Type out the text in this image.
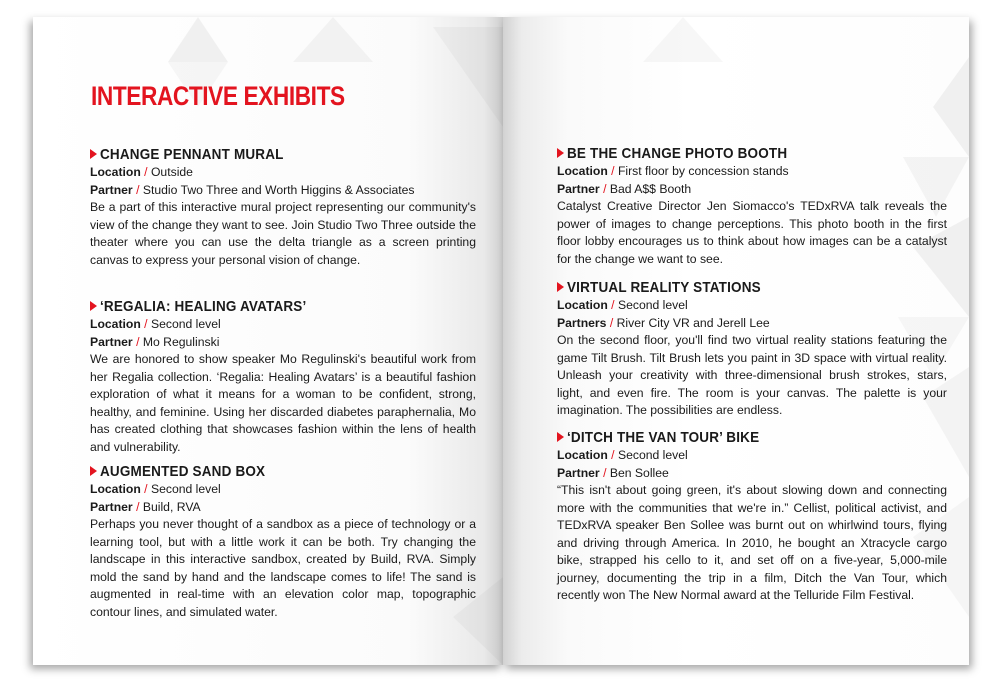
INTERACTIVE EXHIBITS
CHANGE PENNANT MURAL
Location / Outside
Partner / Studio Two Three and Worth Higgins & Associates

Be a part of this interactive mural project representing our community's view of the change they want to see. Join Studio Two Three outside the theater where you can use the delta triangle as a screen printing canvas to express your personal vision of change.

‘REGALIA: HEALING AVATARS’
Location / Second level
Partner / Mo Regulinski

We are honored to show speaker Mo Regulinski's beautiful work from her Regalia collection. ‘Regalia: Healing Avatars’ is a beautiful fashion exploration of what it means for a woman to be confident, strong, healthy, and feminine. Using her discarded diabetes paraphernalia, Mo has created clothing that showcases fashion within the lens of health and vulnerability.

AUGMENTED SAND BOX
Location / Second level
Partner / Build, RVA

Perhaps you never thought of a sandbox as a piece of technology or a learning tool, but with a little work it can be both. Try changing the landscape in this interactive sandbox, created by Build, RVA. Simply mold the sand by hand and the landscape comes to life! The sand is augmented in real-time with an elevation color map, topographic contour lines, and simulated water.

BE THE CHANGE PHOTO BOOTH
Location / First floor by concession stands
Partner / Bad A$$ Booth

Catalyst Creative Director Jen Siomacco's TEDxRVA talk reveals the power of images to change perceptions. This photo booth in the first floor lobby encourages us to think about how images can be a catalyst for the change we want to see.

VIRTUAL REALITY STATIONS
Location / Second level
Partners / River City VR and Jerell Lee

On the second floor, you'll find two virtual reality stations featuring the game Tilt Brush. Tilt Brush lets you paint in 3D space with virtual reality. Unleash your creativity with three-dimensional brush strokes, stars, light, and even fire. The room is your canvas. The palette is your imagination. The possibilities are endless.

‘DITCH THE VAN TOUR’ BIKE
Location / Second level
Partner / Ben Sollee

“This isn't about going green, it's about slowing down and connecting more with the communities that we're in.” Cellist, political activist, and TEDxRVA speaker Ben Sollee was burnt out on whirlwind tours, flying and driving through America. In 2010, he bought an Xtracycle cargo bike, strapped his cello to it, and set off on a five-year, 5,000-mile journey, documenting the trip in a film, Ditch the Van Tour, which recently won The New Normal award at the Telluride Film Festival.
